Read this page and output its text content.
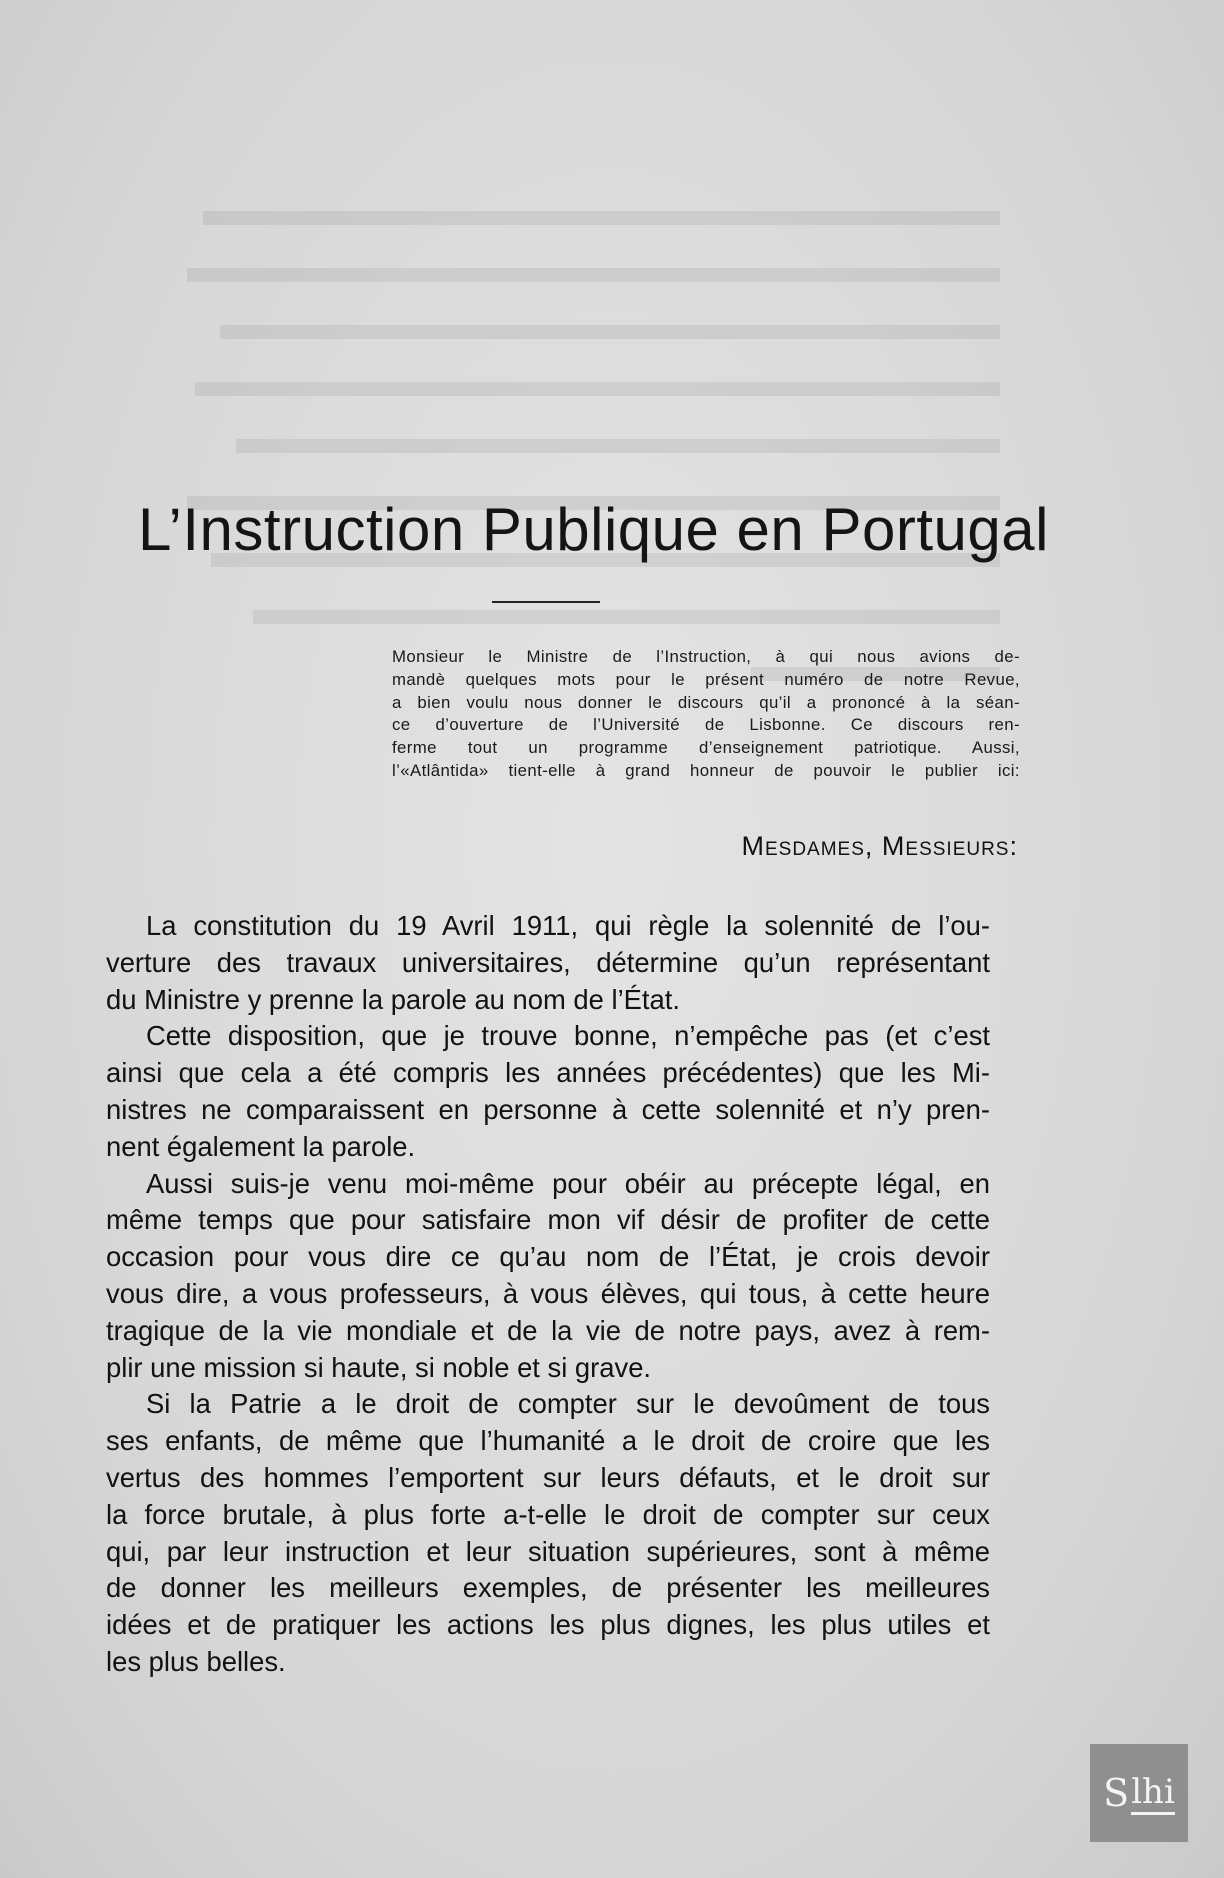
L’Instruction Publique en Portugal
Monsieur le Ministre de l’Instruction, à qui nous avions de-
mandè quelques mots pour le présent numéro de notre Revue,
a bien voulu nous donner le discours qu’il a prononcé à la séan-
ce d’ouverture de l’Université de Lisbonne. Ce discours ren-
ferme tout un programme d’enseignement patriotique. Aussi,
l’«Atlântida» tient-elle à grand honneur de pouvoir le publier ici:
Mesdames, Messieurs:
La constitution du 19 Avril 1911, qui règle la solennité de l’ou-
verture des travaux universitaires, détermine qu’un représentant
du Ministre y prenne la parole au nom de l’État.
Cette disposition, que je trouve bonne, n’empêche pas (et c’est
ainsi que cela a été compris les années précédentes) que les Mi-
nistres ne comparaissent en personne à cette solennité et n’y pren-
nent également la parole.
Aussi suis-je venu moi-même pour obéir au précepte légal, en
même temps que pour satisfaire mon vif désir de profiter de cette
occasion pour vous dire ce qu’au nom de l’État, je crois devoir
vous dire, a vous professeurs, à vous élèves, qui tous, à cette heure
tragique de la vie mondiale et de la vie de notre pays, avez à rem-
plir une mission si haute, si noble et si grave.
Si la Patrie a le droit de compter sur le devoûment de tous
ses enfants, de même que l’humanité a le droit de croire que les
vertus des hommes l’emportent sur leurs défauts, et le droit sur
la force brutale, à plus forte a-t-elle le droit de compter sur ceux
qui, par leur instruction et leur situation supérieures, sont à même
de donner les meilleurs exemples, de présenter les meilleures
idées et de pratiquer les actions les plus dignes, les plus utiles et
les plus belles.
S lhi
